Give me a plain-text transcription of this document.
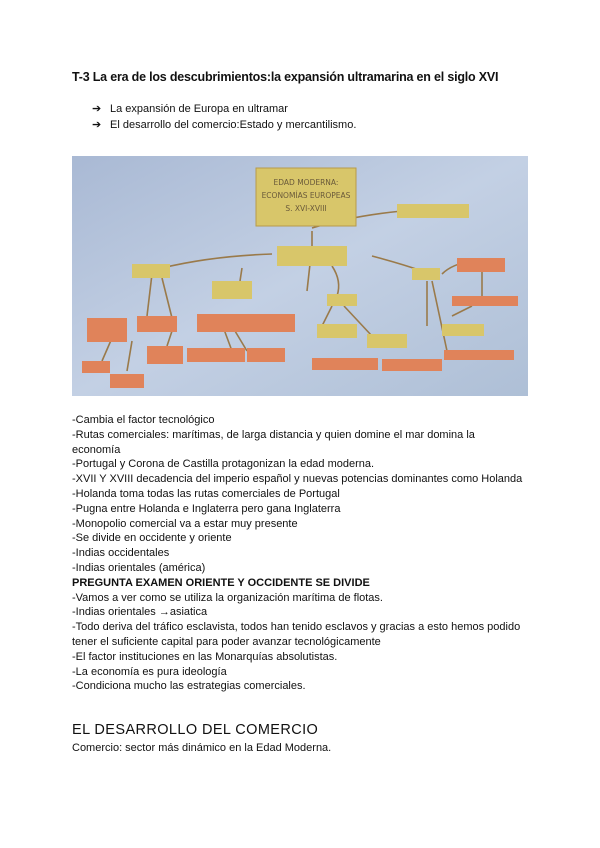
T-3 La era de los descubrimientos:la expansión ultramarina en el siglo XVI
➔ La expansión de Europa en ultramar
➔ El desarrollo del comercio:Estado y mercantilismo.
EDAD MODERNA:
ECONOMÍAS EUROPEAS
S. XVI-XVIII
-Cambia el factor tecnológico
-Rutas comerciales: marítimas, de larga distancia y quien domine el mar domina la
economía
-Portugal y Corona de Castilla protagonizan la edad moderna.
-XVII Y XVIII decadencia del imperio español y nuevas potencias dominantes como Holanda
-Holanda toma todas las rutas comerciales de Portugal
-Pugna entre Holanda e Inglaterra pero gana Inglaterra
-Monopolio comercial va a estar muy presente
-Se divide en occidente y oriente
-Indias occidentales
-Indias orientales (américa)
PREGUNTA EXAMEN ORIENTE Y OCCIDENTE SE DIVIDE
-Vamos a ver como se utiliza la organización marítima de flotas.
-Indias orientales →asiatica
-Todo deriva del tráfico esclavista, todos han tenido esclavos y gracias a esto hemos podido
tener el suficiente capital para poder avanzar tecnológicamente
-El factor instituciones en las Monarquías absolutistas.
-La economía es pura ideología
-Condiciona mucho las estrategias comerciales.
EL DESARROLLO DEL COMERCIO
Comercio: sector más dinámico en la Edad Moderna.
